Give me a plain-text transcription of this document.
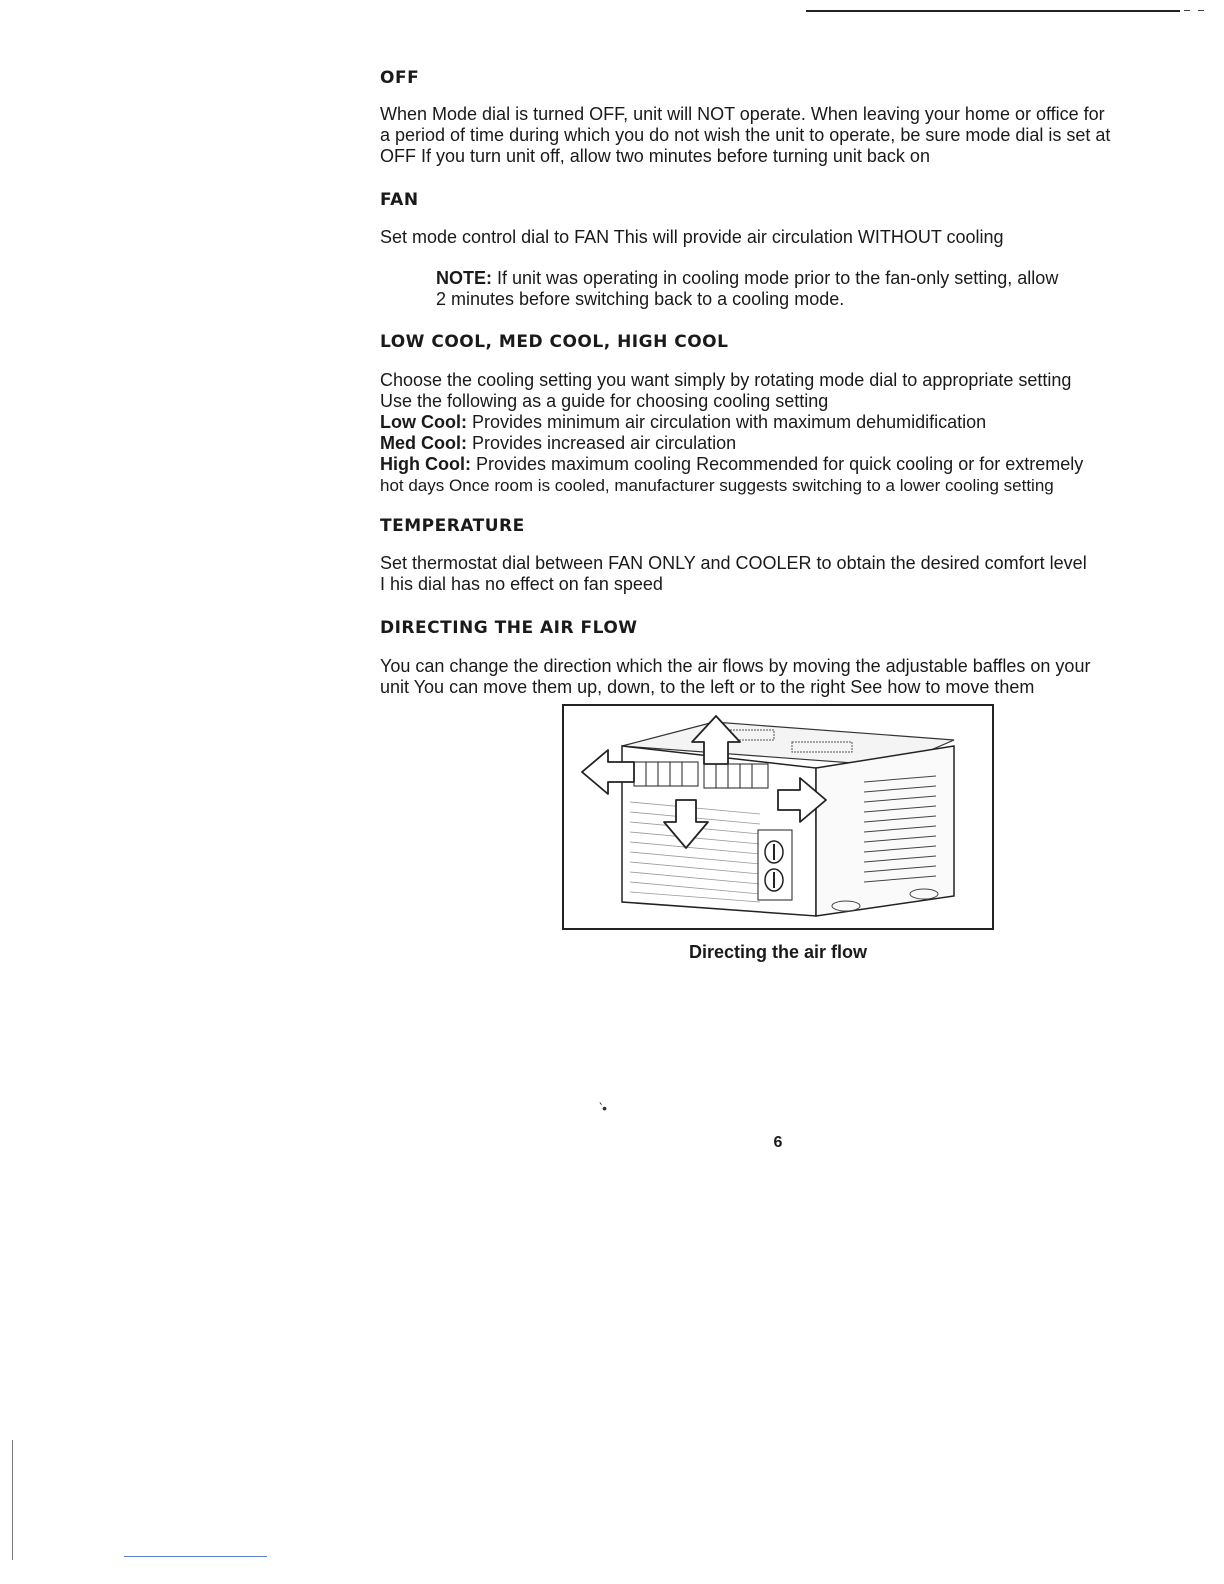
OFF
When Mode dial is turned OFF, unit will NOT operate. When leaving your home or office for
a period of time during which you do not wish the unit to operate, be sure mode dial is set at
OFF If you turn unit off, allow two minutes before turning unit back on
FAN
Set mode control dial to FAN This will provide air circulation WITHOUT cooling
NOTE: If unit was operating in cooling mode prior to the fan-only setting, allow
2 minutes before switching back to a cooling mode.
LOW COOL, MED COOL, HIGH COOL
Choose the cooling setting you want simply by rotating mode dial to appropriate setting
Use the following as a guide for choosing cooling setting
Low Cool: Provides minimum air circulation with maximum dehumidification
Med Cool: Provides increased air circulation
High Cool: Provides maximum cooling Recommended for quick cooling or for extremely
hot days Once room is cooled, manufacturer suggests switching to a lower cooling setting
TEMPERATURE
Set thermostat dial between FAN ONLY and COOLER to obtain the desired comfort level
I his dial has no effect on fan speed
DIRECTING THE AIR FLOW
You can change the direction which the air flows by moving the adjustable baffles on your
unit You can move them up, down, to the left or to the right See how to move them
Directing the air flow
‵•
6
